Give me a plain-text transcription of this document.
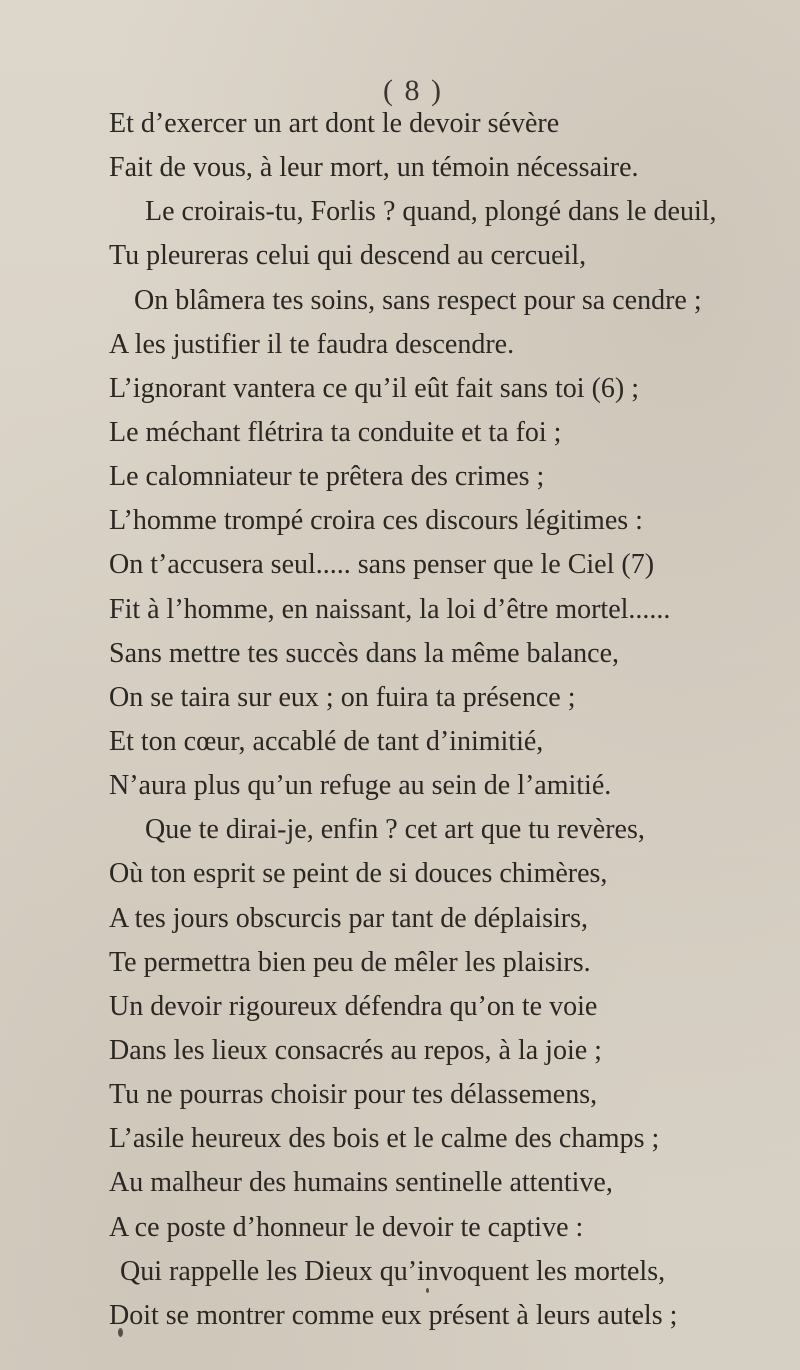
( 8 )
Et d’exercer un art dont le devoir sévère
Fait de vous, à leur mort, un témoin nécessaire.
Le croirais-tu, Forlis ? quand, plongé dans le deuil,
Tu pleureras celui qui descend au cercueil,
On blâmera tes soins, sans respect pour sa cendre ;
A les justifier il te faudra descendre.
L’ignorant vantera ce qu’il eût fait sans toi (6) ;
Le méchant flétrira ta conduite et ta foi ;
Le calomniateur te prêtera des crimes ;
L’homme trompé croira ces discours légitimes :
On t’accusera seul..... sans penser que le Ciel (7)
Fit à l’homme, en naissant, la loi d’être mortel......
Sans mettre tes succès dans la même balance,
On se taira sur eux ; on fuira ta présence ;
Et ton cœur, accablé de tant d’inimitié,
N’aura plus qu’un refuge au sein de l’amitié.
Que te dirai-je, enfin ? cet art que tu revères,
Où ton esprit se peint de si douces chimères,
A tes jours obscurcis par tant de déplaisirs,
Te permettra bien peu de mêler les plaisirs.
Un devoir rigoureux défendra qu’on te voie
Dans les lieux consacrés au repos, à la joie ;
Tu ne pourras choisir pour tes délassemens,
L’asile heureux des bois et le calme des champs ;
Au malheur des humains sentinelle attentive,
A ce poste d’honneur le devoir te captive :
Qui rappelle les Dieux qu’invoquent les mortels,
Doit se montrer comme eux présent à leurs autels ;
